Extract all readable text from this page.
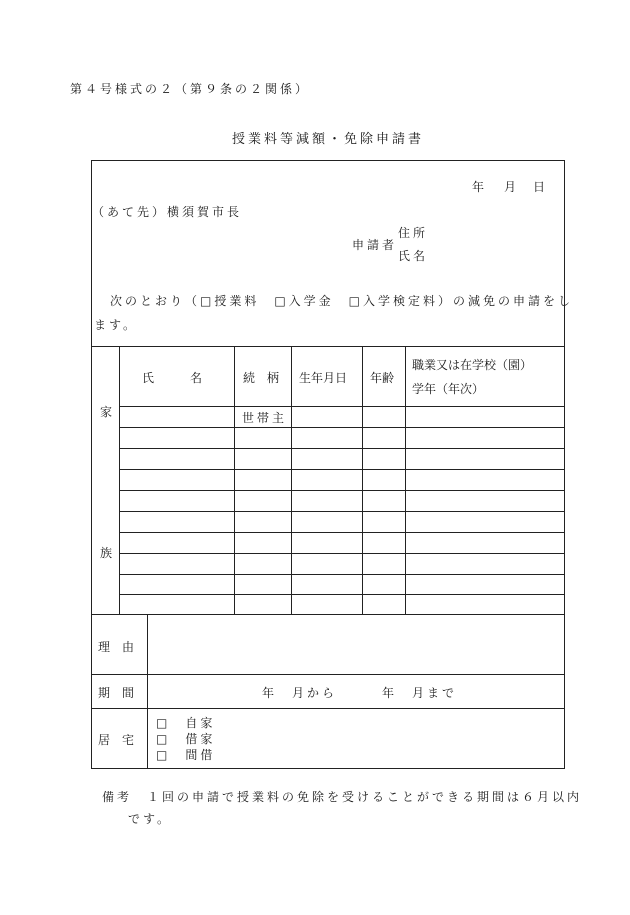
第４号様式の２（第９条の２関係）
授業料等減額・免除申請書
年 月 日
（あて先）横須賀市長
申請者
住所
氏名
次のとおり（□授業料　□入学金　□入学検定料）の減免の申請をし
ます。
家
族
氏　　　名	続　柄 生年月日 年齢
職業又は在学校（園）
学年（年次）
世帯主
理　由
期　間	年　月から　　　年　月まで
居　宅
□　自家
□　借家
□　間借
備考　１回の申請で授業料の免除を受けることができる期間は６月以内
です。
